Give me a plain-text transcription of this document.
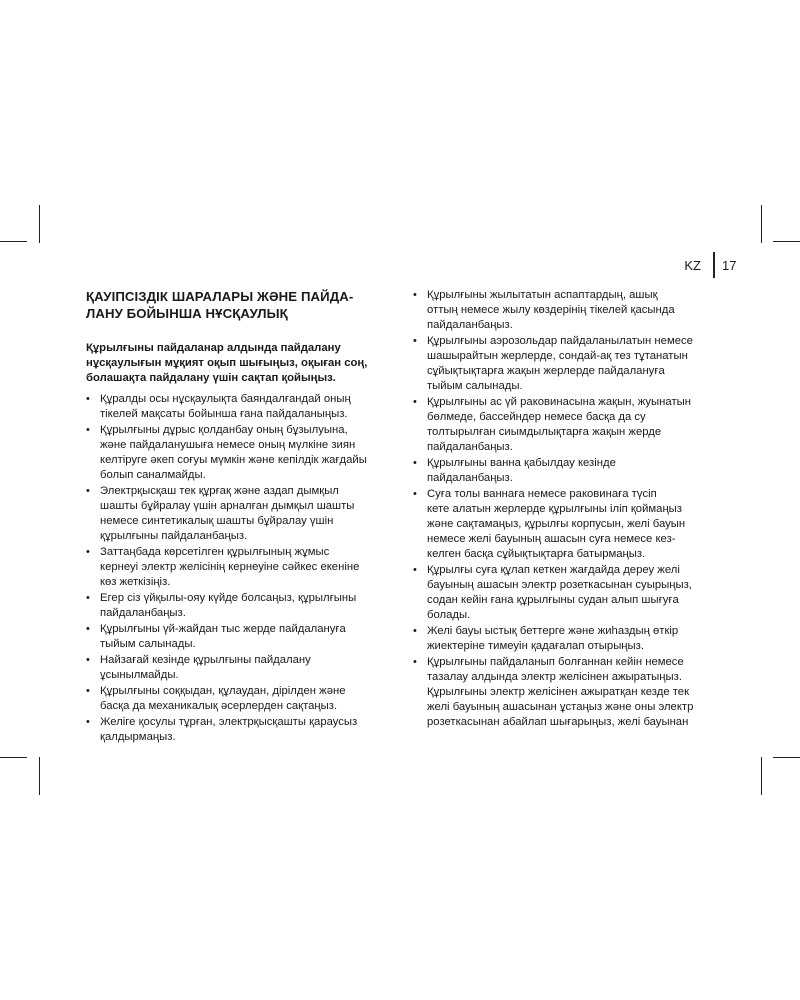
KZ 17
ҚАУІПСІЗДІК ШАРАЛАРЫ ЖӘНЕ ПАЙДА-
ЛАНУ БОЙЫНША НҰСҚАУЛЫҚ

Құрылғыны пайдаланар алдында пайдалану
нұсқаулығын мұқият оқып шығыңыз, оқыған соң,
болашақта пайдалану үшін сақтап қойыңыз.

• Құралды осы нұсқаулықта баяндалғандай оның
тікелей мақсаты бойынша ғана пайдаланыңыз.
• Құрылғыны дұрыс қолданбау оның бұзылуына,
және пайдаланушыға немесе оның мүлкіне зиян
келтіруге әкеп соғуы мүмкін және кепілдік жағдайы
болып саналмайды.
• Электрқысқаш тек құрғақ және аздап дымқыл
шашты бұйралау үшін арналған дымқыл шашты
немесе синтетикалық шашты бұйралау үшін
құрылғыны пайдаланбаңыз.
• Заттаңбада көрсетілген құрылғының жұмыс
кернеуі электр желісінің кернеуіне сәйкес екеніне
көз жеткізіңіз.
• Егер сіз үйқылы-ояу күйде болсаңыз, құрылғыны
пайдаланбаңыз.
• Құрылғыны үй-жайдан тыс жерде пайдалануға
тыйым салынады.
• Найзағай кезінде құрылғыны пайдалану
ұсынылмайды.
• Құрылғыны соққыдан, құлаудан, дірілден және
басқа да механикалық әсерлерден сақтаңыз.
• Желіге қосулы тұрған, электрқысқашты қараусыз
қалдырмаңыз.
• Құрылғыны жылытатын аспаптардың, ашық
оттың немесе жылу көздерінің тікелей қасында
пайдаланбаңыз.
• Құрылғыны аэрозольдар пайдаланылатын немесе
шашырайтын жерлерде, сондай-ақ тез тұтанатын
сұйықтықтарға жақын жерлерде пайдалануға
тыйым салынады.
• Құрылғыны ас үй раковинасына жақын, жуынатын
бөлмеде, бассейндер немесе басқа да су
толтырылған сиымдылықтарға жақын жерде
пайдаланбаңыз.
• Құрылғыны ванна қабылдау кезінде
пайдаланбаңыз.
• Суға толы ваннаға немесе раковинаға түсіп
кете алатын жерлерде құрылғыны іліп қоймаңыз
және сақтамаңыз, құрылғы корпусын, желі бауын
немесе желі бауының ашасын суға немесе кез-
келген басқа сұйықтықтарға батырмаңыз.
• Құрылғы суға құлап кеткен жағдайда дереу желі
бауының ашасын электр розеткасынан суырыңыз,
содан кейін ғана құрылғыны судан алып шығуға
болады.
• Желі бауы ыстық беттерге және жиһаздың өткір
жиектеріне тимеуін қадағалап отырыңыз.
• Құрылғыны пайдаланып болғаннан кейін немесе
тазалау алдында электр желісінен ажыратыңыз.
Құрылғыны электр желісінен ажыратқан кезде тек
желі бауының ашасынан ұстаңыз және оны электр
розеткасынан абайлап шығарыңыз, желі бауынан
